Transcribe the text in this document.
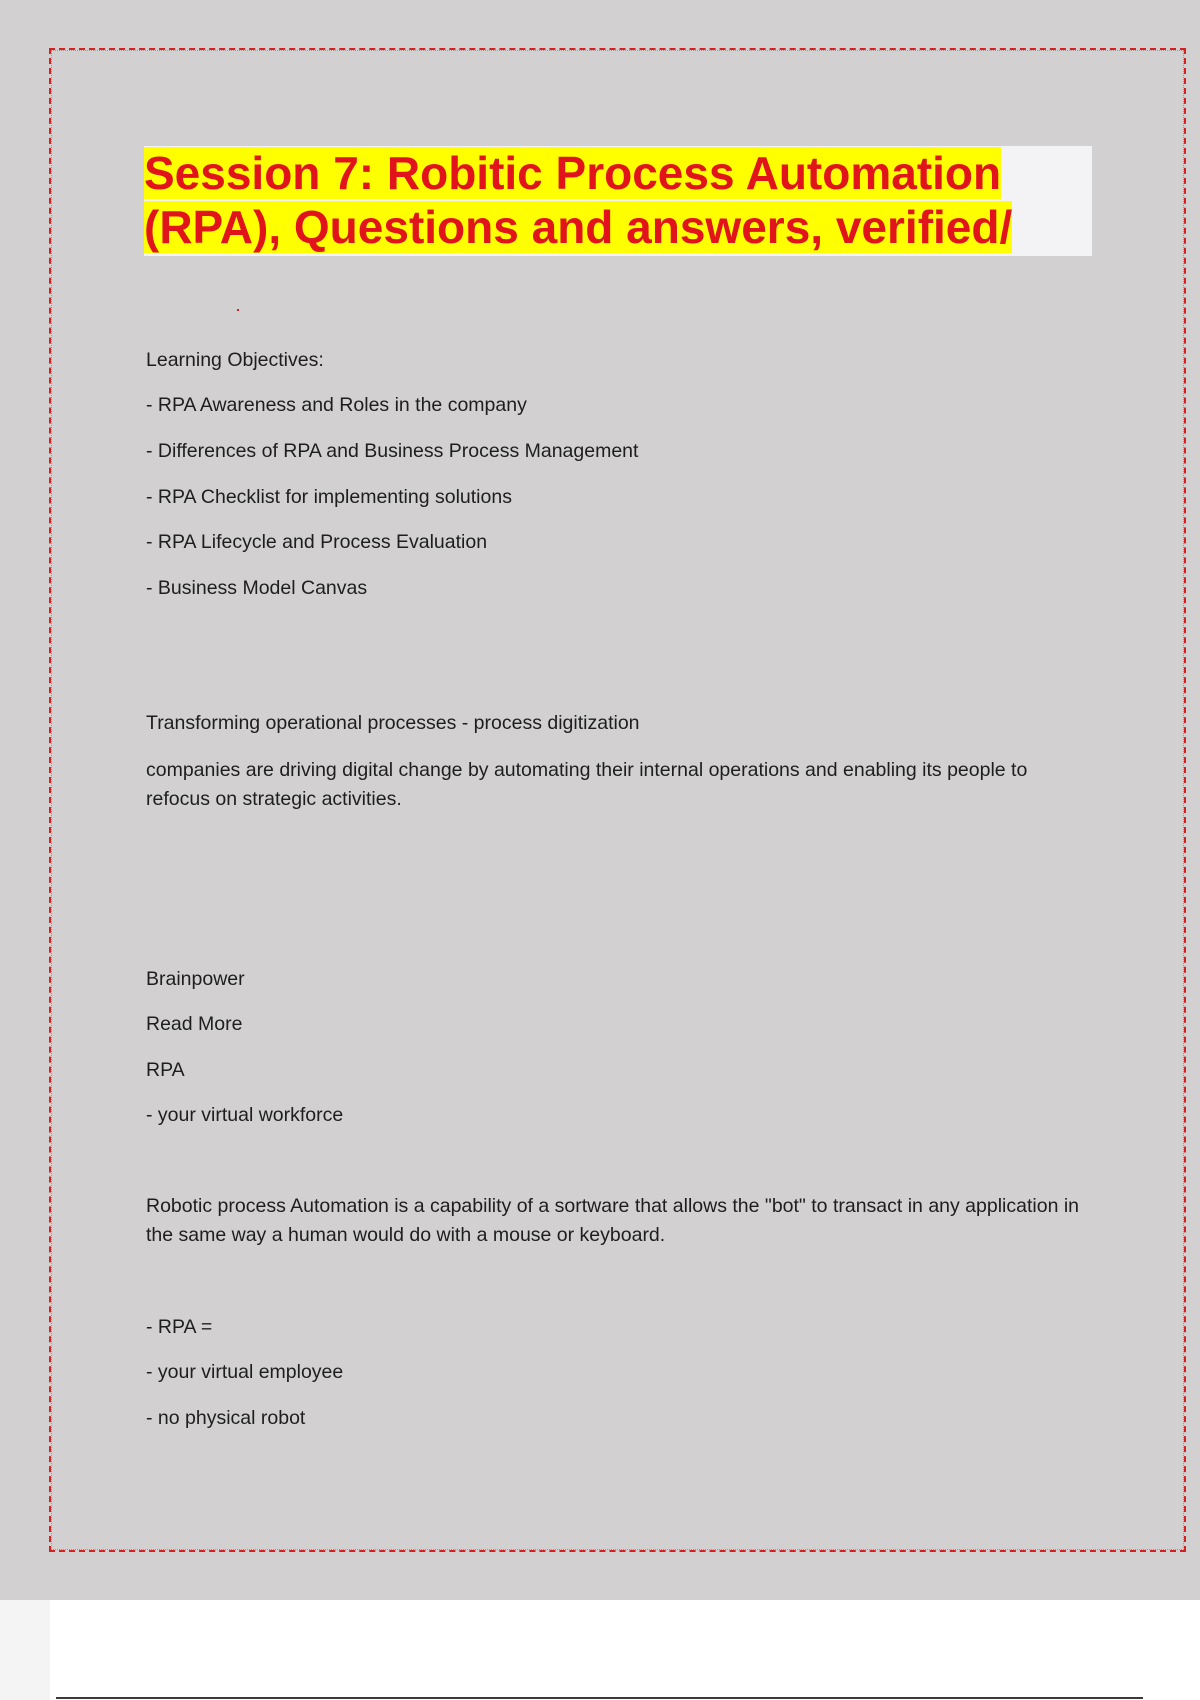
Session 7: Robitic Process Automation (RPA), Questions and answers, verified/

Learning Objectives:

- RPA Awareness and Roles in the company

- Differences of RPA and Business Process Management

- RPA Checklist for implementing solutions

- RPA Lifecycle and Process Evaluation

- Business Model Canvas

Transforming operational processes - process digitization

companies are driving digital change by automating their internal operations and enabling its people to refocus on strategic activities.

Brainpower

Read More

RPA

- your virtual workforce

Robotic process Automation is a capability of a sortware that allows the "bot" to transact in any application in the same way a human would do with a mouse or keyboard.

- RPA =

- your virtual employee

- no physical robot
